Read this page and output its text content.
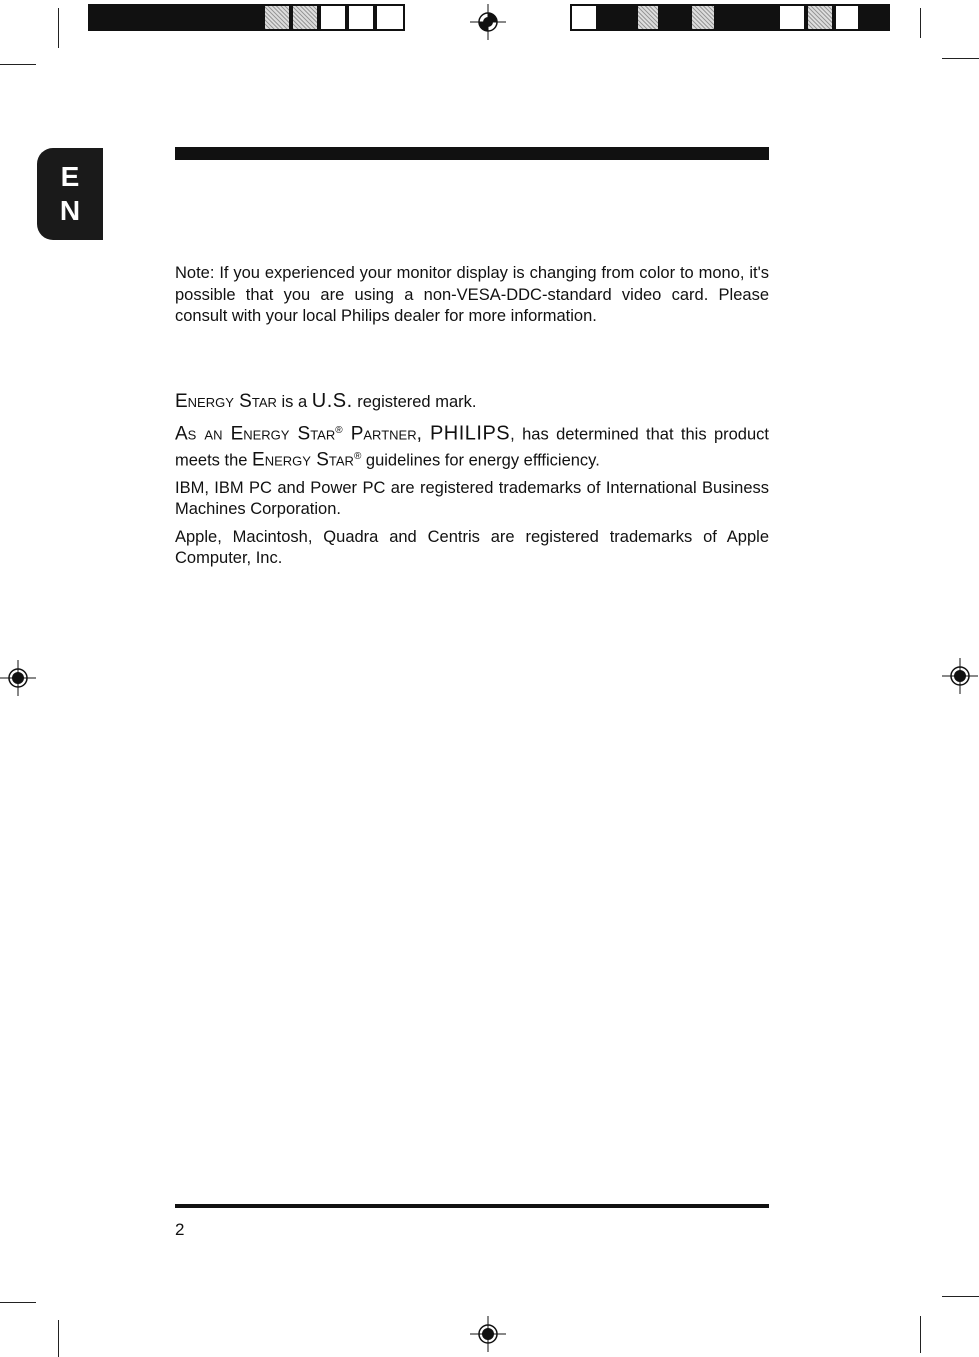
E
N

Note: If you experienced your monitor display is changing from color to mono, it's possible that you are using a non-VESA-DDC-standard video card. Please consult with your local Philips dealer for more information.

Energy Star is a U.S. registered mark.

As an Energy Star® Partner, PHILIPS, has determined that this product meets the Energy Star® guidelines for energy effficiency.

IBM, IBM PC and Power PC are registered trademarks of International Business Machines Corporation.

Apple, Macintosh, Quadra and Centris are registered trademarks of Apple Computer, Inc.

2
